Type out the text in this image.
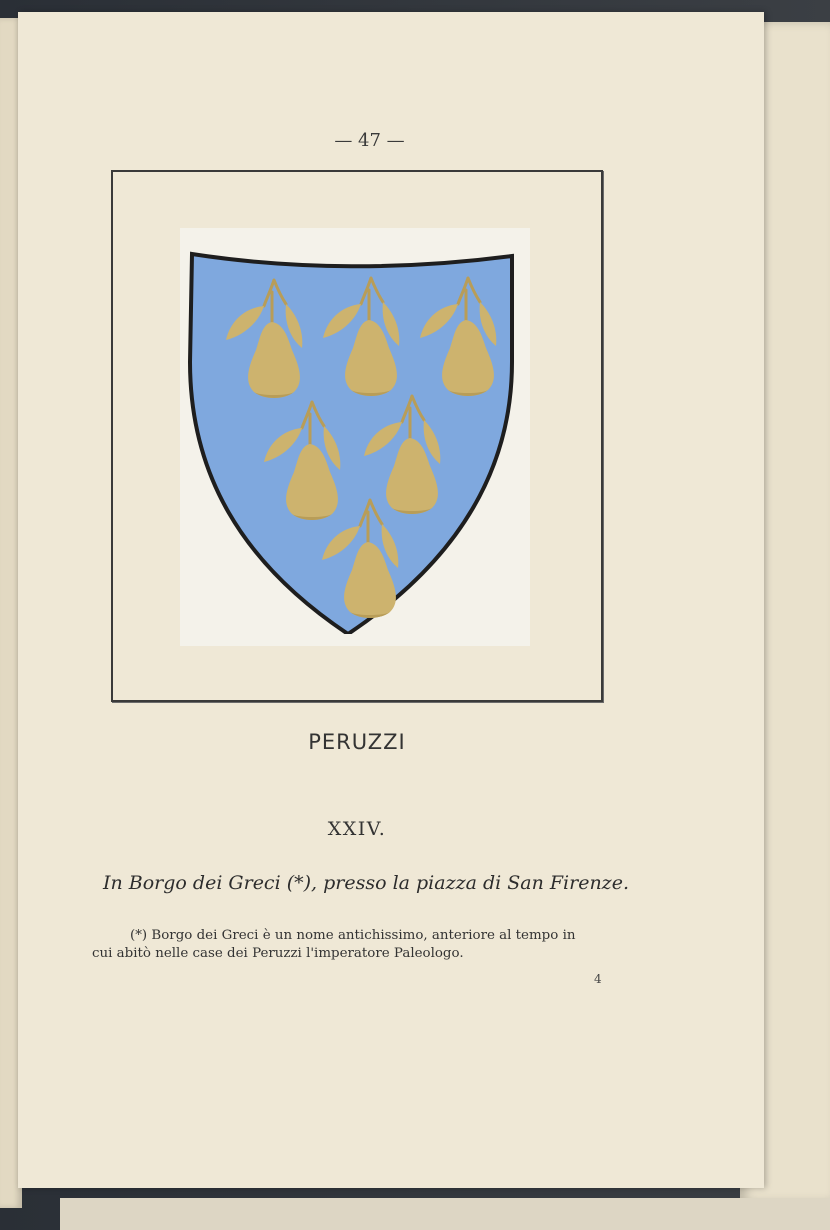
— 47 —
PERUZZI
XXIV.
In Borgo dei Greci (*), presso la piazza di San Firenze.
(*) Borgo dei Greci è un nome antichissimo, anteriore al tempo in
cui abitò nelle case dei Peruzzi l'imperatore Paleologo.
4
